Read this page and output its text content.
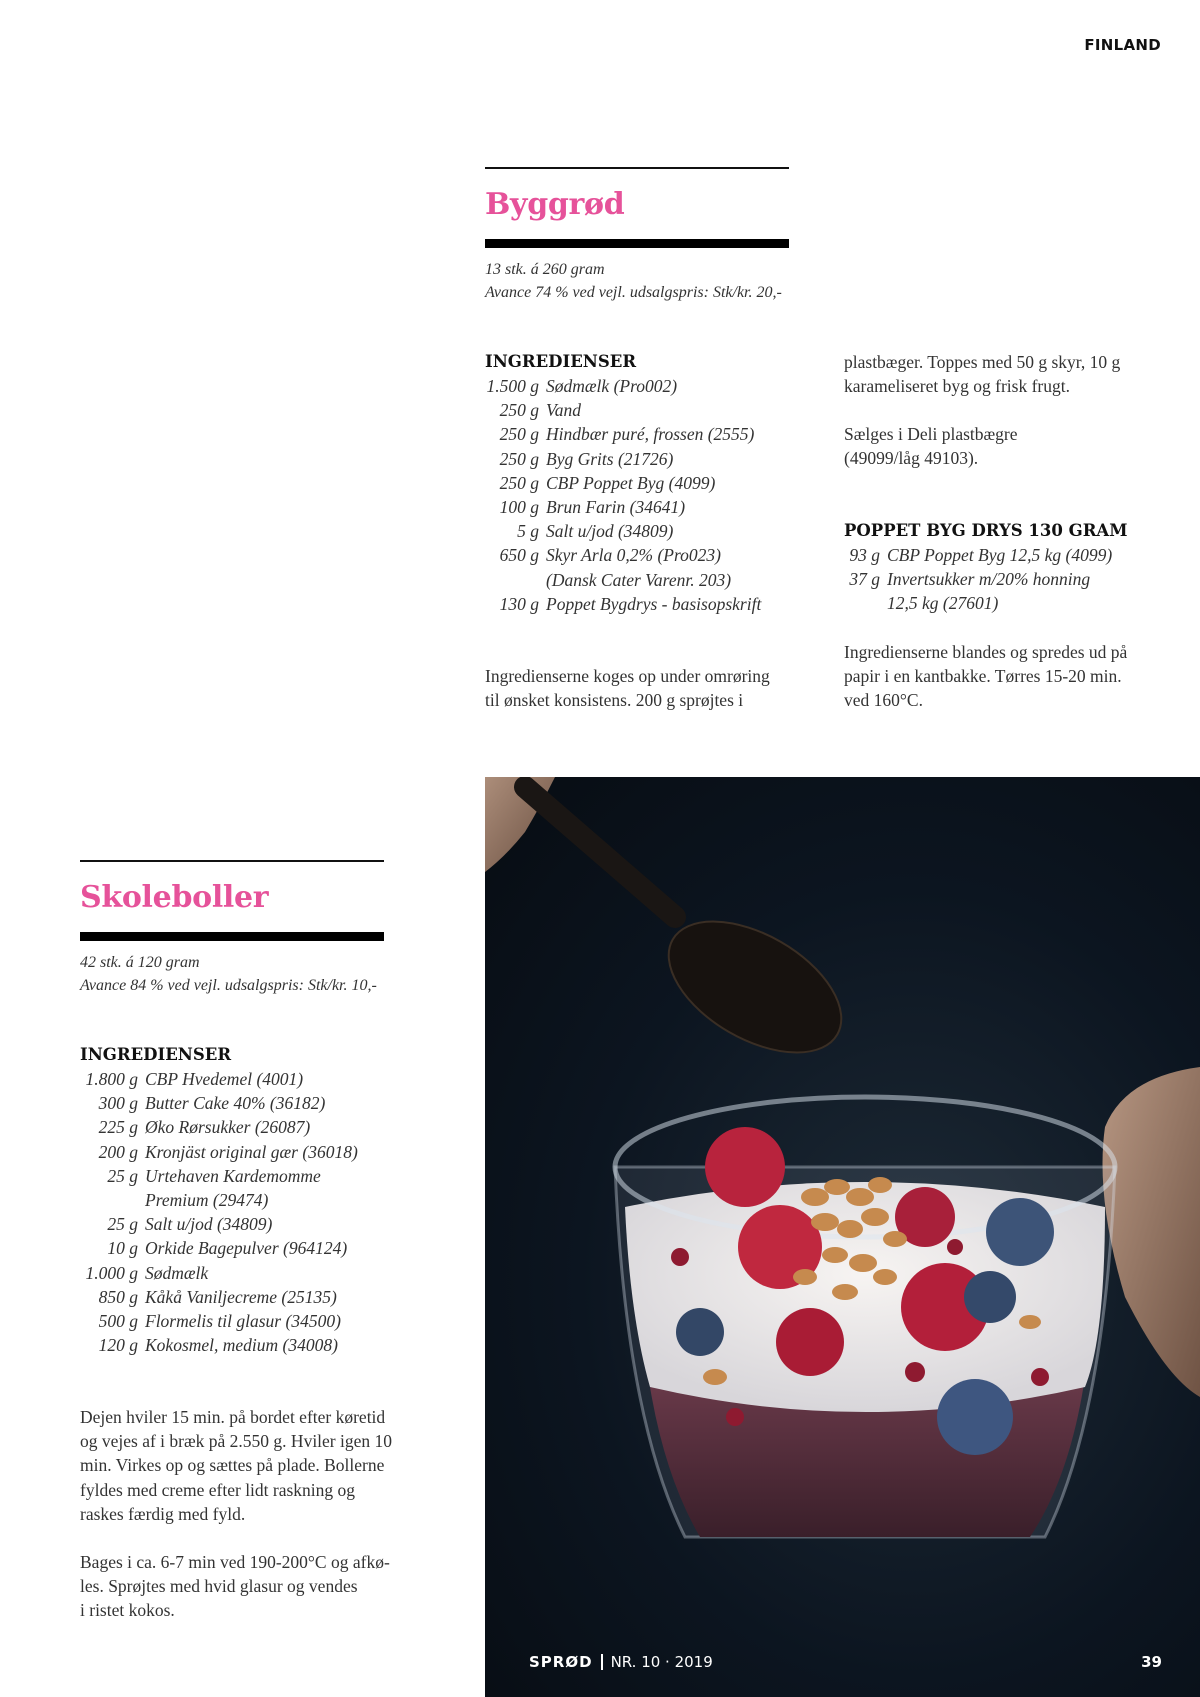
FINLAND
Byggrød
13 stk. á 260 gram
Avance 74 % ved vejl. udsalgspris: Stk/kr. 20,-
INGREDIENSER
1.500 g Sødmælk (Pro002)
250 g Vand
250 g Hindbær puré, frossen (2555)
250 g Byg Grits (21726)
250 g CBP Poppet Byg (4099)
100 g Brun Farin (34641)
5 g Salt u/jod (34809)
650 g Skyr Arla 0,2% (Pro023)
(Dansk Cater Varenr. 203)
130 g Poppet Bygdrys - basisopskrift

Ingredienserne koges op under omrøring

til ønsket konsistens. 200 g sprøjtes i

plastbæger. Toppes med 50 g skyr, 10 g

karameliseret byg og frisk frugt.

Sælges i Deli plastbægre

(49099/låg 49103).

POPPET BYG DRYS 130 GRAM
93 g CBP Poppet Byg 12,5 kg (4099)
37 g Invertsukker m/20% honning
12,5 kg (27601)

Ingredienserne blandes og spredes ud på

papir i en kantbakke. Tørres 15-20 min.

ved 160°C.

Skoleboller
42 stk. á 120 gram
Avance 84 % ved vejl. udsalgspris: Stk/kr. 10,-
INGREDIENSER
1.800 g CBP Hvedemel (4001)
300 g Butter Cake 40% (36182)
225 g Øko Rørsukker (26087)
200 g Kronjäst original gær (36018)
25 g Urtehaven Kardemomme
Premium (29474)
25 g Salt u/jod (34809)
10 g Orkide Bagepulver (964124)
1.000 g Sødmælk
850 g Kåkå Vaniljecreme (25135)
500 g Flormelis til glasur (34500)
120 g Kokosmel, medium (34008)

Dejen hviler 15 min. på bordet efter køretid

og vejes af i bræk på 2.550 g. Hviler igen 10

min. Virkes op og sættes på plade. Bollerne

fyldes med creme efter lidt raskning og

raskes færdig med fyld.

Bages i ca. 6-7 min ved 190-200°C og afkø-

les. Sprøjtes med hvid glasur og vendes

i ristet kokos.

SPRØD NR. 10 · 2019	39
